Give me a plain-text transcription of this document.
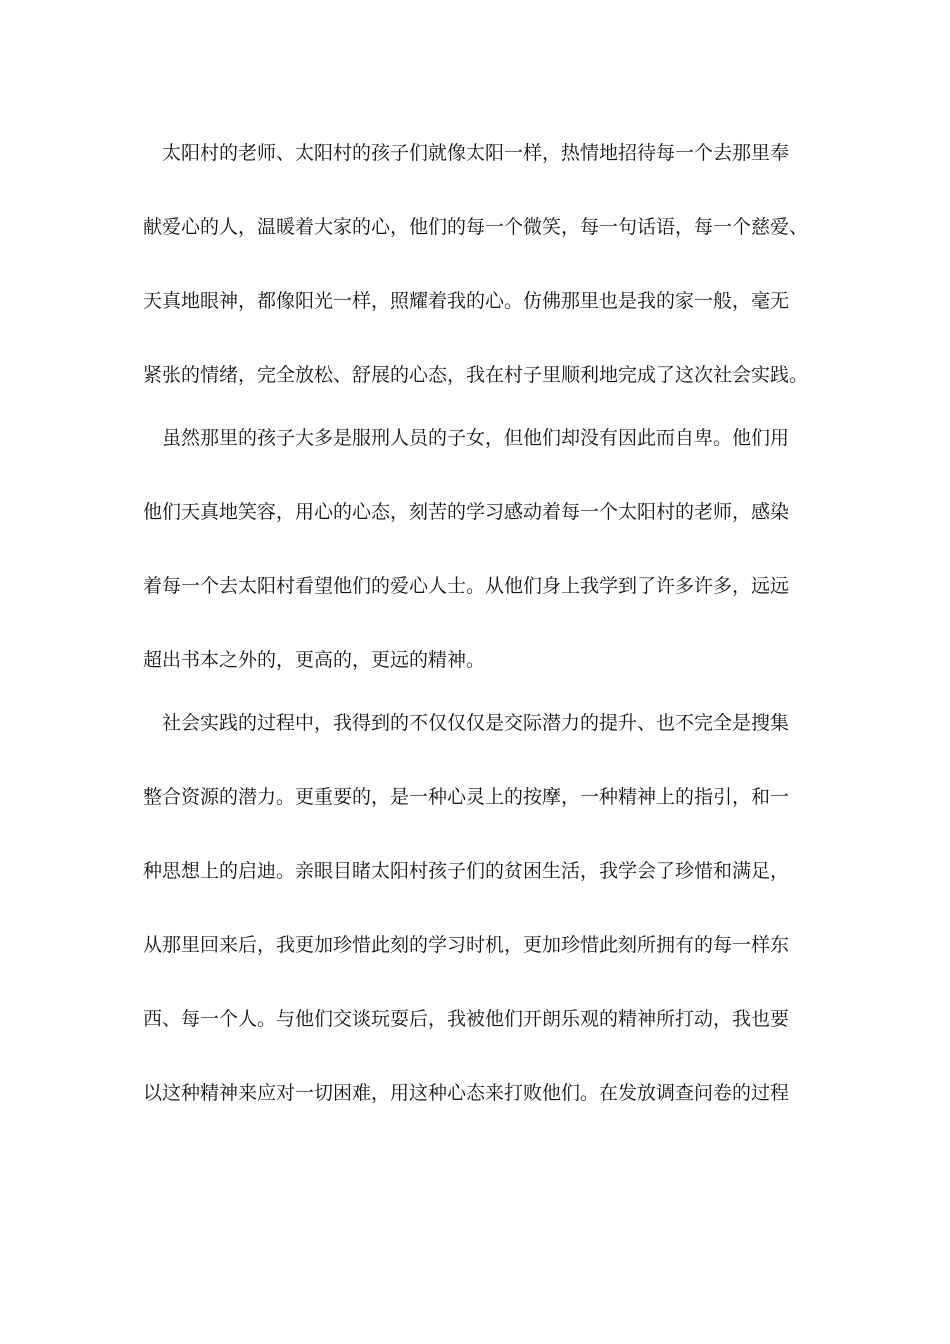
太阳村的老师、太阳村的孩子们就像太阳一样，热情地招待每一个去那里奉
献爱心的人，温暖着大家的心，他们的每一个微笑，每一句话语，每一个慈爱、
天真地眼神，都像阳光一样，照耀着我的心。仿佛那里也是我的家一般，毫无
紧张的情绪，完全放松、舒展的心态，我在村子里顺利地完成了这次社会实践。
虽然那里的孩子大多是服刑人员的子女，但他们却没有因此而自卑。他们用
他们天真地笑容，用心的心态，刻苦的学习感动着每一个太阳村的老师，感染
着每一个去太阳村看望他们的爱心人士。从他们身上我学到了许多许多，远远
超出书本之外的，更高的，更远的精神。
社会实践的过程中，我得到的不仅仅仅是交际潜力的提升、也不完全是搜集
整合资源的潜力。更重要的，是一种心灵上的按摩，一种精神上的指引，和一
种思想上的启迪。亲眼目睹太阳村孩子们的贫困生活，我学会了珍惜和满足，
从那里回来后，我更加珍惜此刻的学习时机，更加珍惜此刻所拥有的每一样东
西、每一个人。与他们交谈玩耍后，我被他们开朗乐观的精神所打动，我也要
以这种精神来应对一切困难，用这种心态来打败他们。在发放调查问卷的过程
